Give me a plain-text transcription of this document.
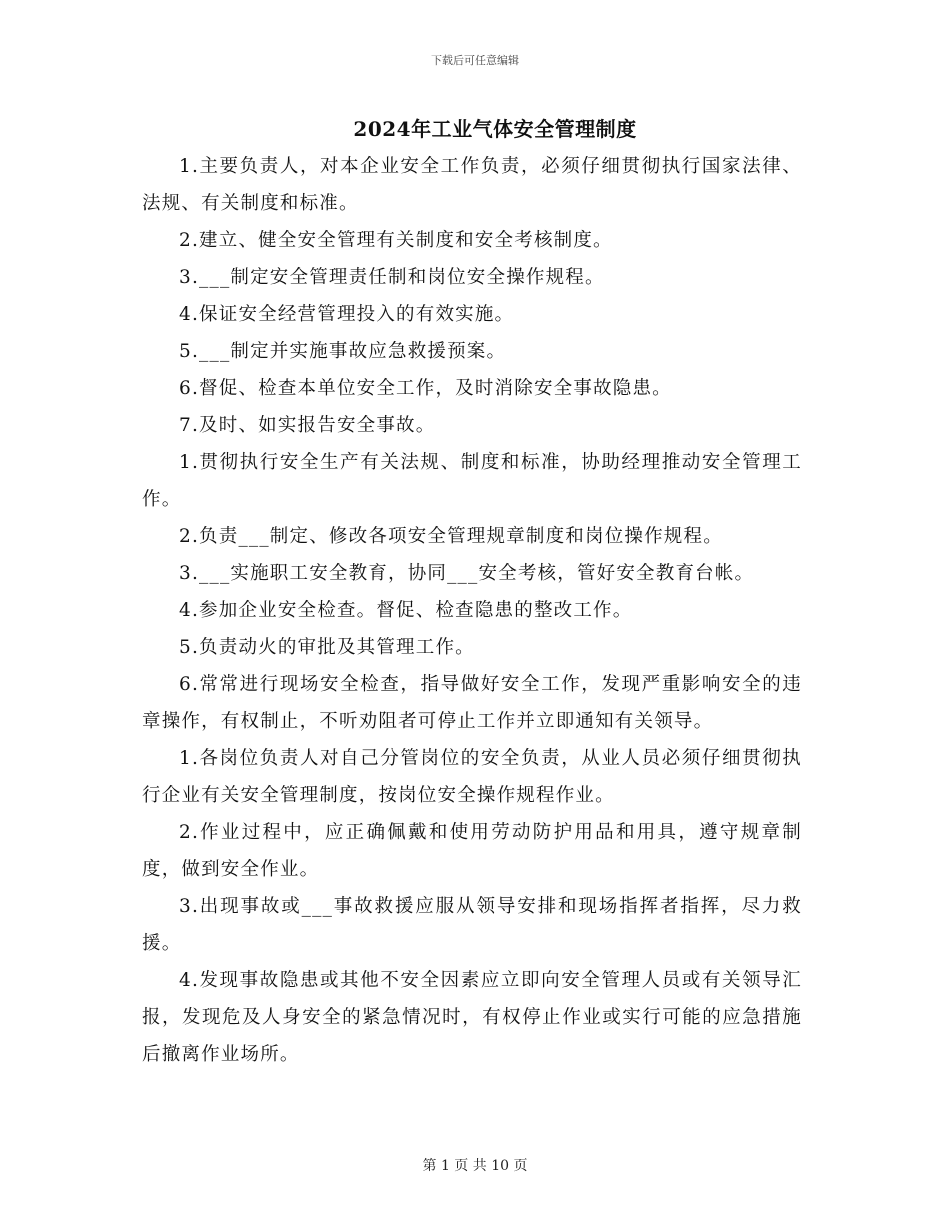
下载后可任意编辑
2024年工业气体安全管理制度

1.主要负责人，对本企业安全工作负责，必须仔细贯彻执行国家法律、法规、有关制度和标准。

2.建立、健全安全管理有关制度和安全考核制度。

3.___制定安全管理责任制和岗位安全操作规程。

4.保证安全经营管理投入的有效实施。

5.___制定并实施事故应急救援预案。

6.督促、检查本单位安全工作，及时消除安全事故隐患。

7.及时、如实报告安全事故。

1.贯彻执行安全生产有关法规、制度和标准，协助经理推动安全管理工作。

2.负责___制定、修改各项安全管理规章制度和岗位操作规程。

3.___实施职工安全教育，协同___安全考核，管好安全教育台帐。

4.参加企业安全检查。督促、检查隐患的整改工作。

5.负责动火的审批及其管理工作。

6.常常进行现场安全检查，指导做好安全工作，发现严重影响安全的违章操作，有权制止，不听劝阻者可停止工作并立即通知有关领导。

1.各岗位负责人对自己分管岗位的安全负责，从业人员必须仔细贯彻执行企业有关安全管理制度，按岗位安全操作规程作业。

2.作业过程中，应正确佩戴和使用劳动防护用品和用具，遵守规章制度，做到安全作业。

3.出现事故或___事故救援应服从领导安排和现场指挥者指挥，尽力救援。

4.发现事故隐患或其他不安全因素应立即向安全管理人员或有关领导汇报，发现危及人身安全的紧急情况时，有权停止作业或实行可能的应急措施后撤离作业场所。

第 1 页 共 10 页
